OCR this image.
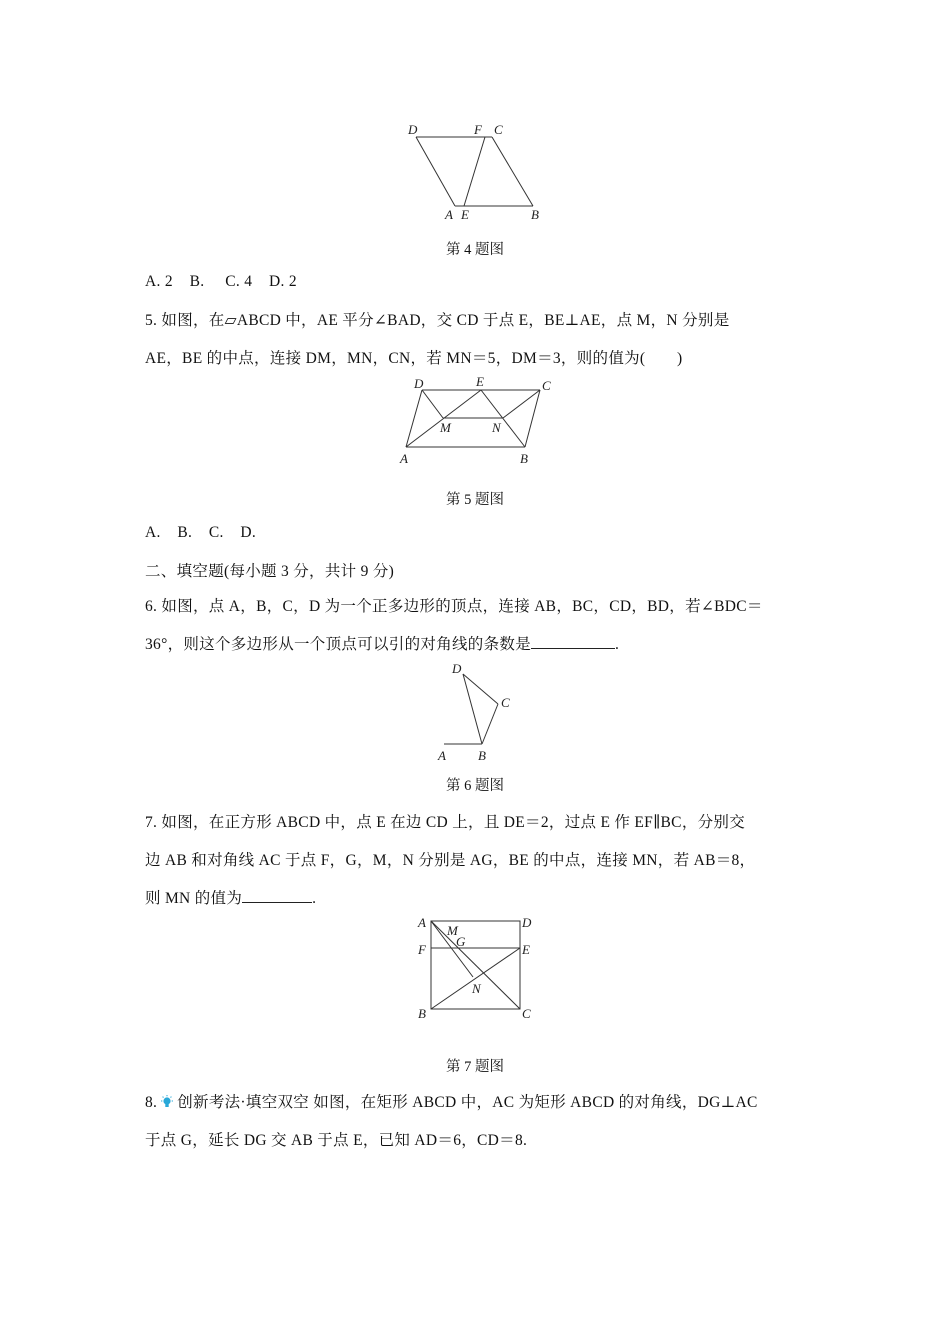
D	F C
A E	B
第 4 题图
A. 2    B.     C. 4    D. 2
5. 如图，在▱ABCD 中，AE 平分∠BAD，交 CD 于点 E，BE⊥AE，点 M，N 分别是
AE，BE 的中点，连接 DM，MN，CN，若 MN＝5，DM＝3，则的值为(　　)
D	E	C
M	N
A	B
第 5 题图
A.    B.    C.    D.
二、填空题(每小题 3 分，共计 9 分)
6. 如图，点 A，B，C，D 为一个正多边形的顶点，连接 AB，BC，CD，BD，若∠BDC＝
36°，则这个多边形从一个顶点可以引的对角线的条数是	.
D
C
A B
第 6 题图
7. 如图，在正方形 ABCD 中，点 E 在边 CD 上，且 DE＝2，过点 E 作 EF∥BC，分别交
边 AB 和对角线 AC 于点 F，G，M，N 分别是 AG，BE 的中点，连接 MN，若 AB＝8，
则 MN 的值为	.
A
M
G
D
F	E
N
B	C
第 7 题图
8. 创新考法·填空双空 如图，在矩形 ABCD 中，AC 为矩形 ABCD 的对角线，DG⊥AC
于点 G，延长 DG 交 AB 于点 E，已知 AD＝6，CD＝8.
